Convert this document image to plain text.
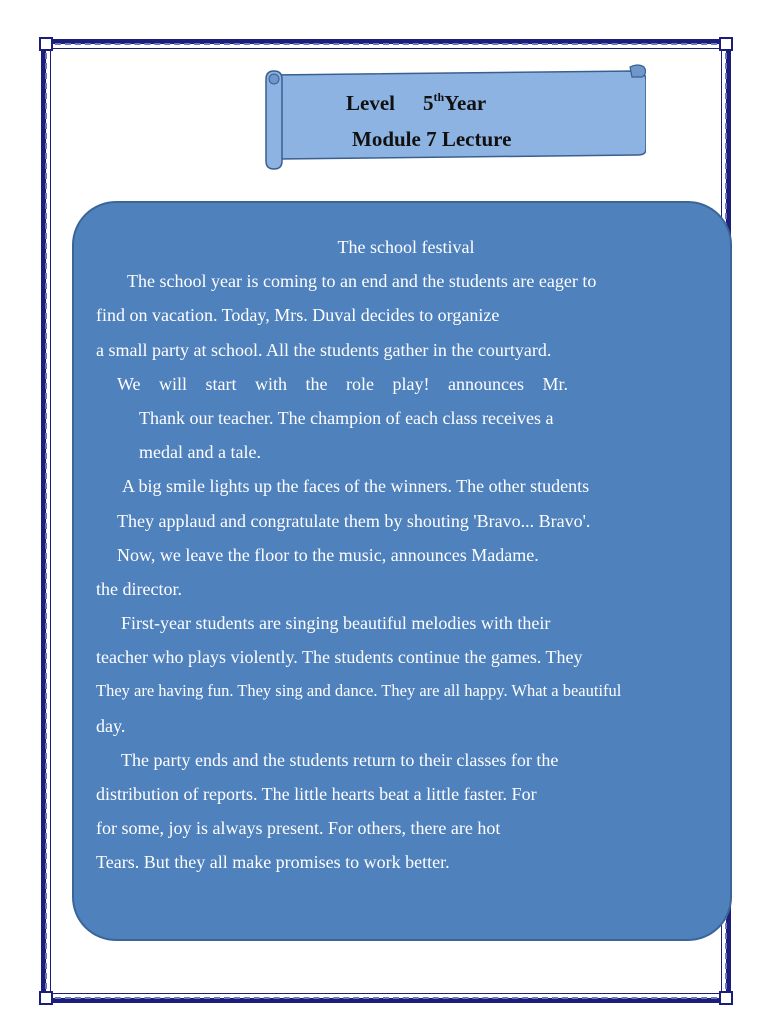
Level 5thYear
Module 7 Lecture
The school festival
The school year is coming to an end and the students are eager to
find on vacation. Today, Mrs. Duval decides to organize
a small party at school. All the students gather in the courtyard.
We will start with the role play! announces Mr.
Thank our teacher. The champion of each class receives a
medal and a tale.
A big smile lights up the faces of the winners. The other students
They applaud and congratulate them by shouting 'Bravo... Bravo'.
Now, we leave the floor to the music, announces Madame.
the director.
First-year students are singing beautiful melodies with their
teacher who plays violently. The students continue the games. They
They are having fun. They sing and dance. They are all happy. What a beautiful
day.
The party ends and the students return to their classes for the
distribution of reports. The little hearts beat a little faster. For
for some, joy is always present. For others, there are hot
Tears. But they all make promises to work better.
